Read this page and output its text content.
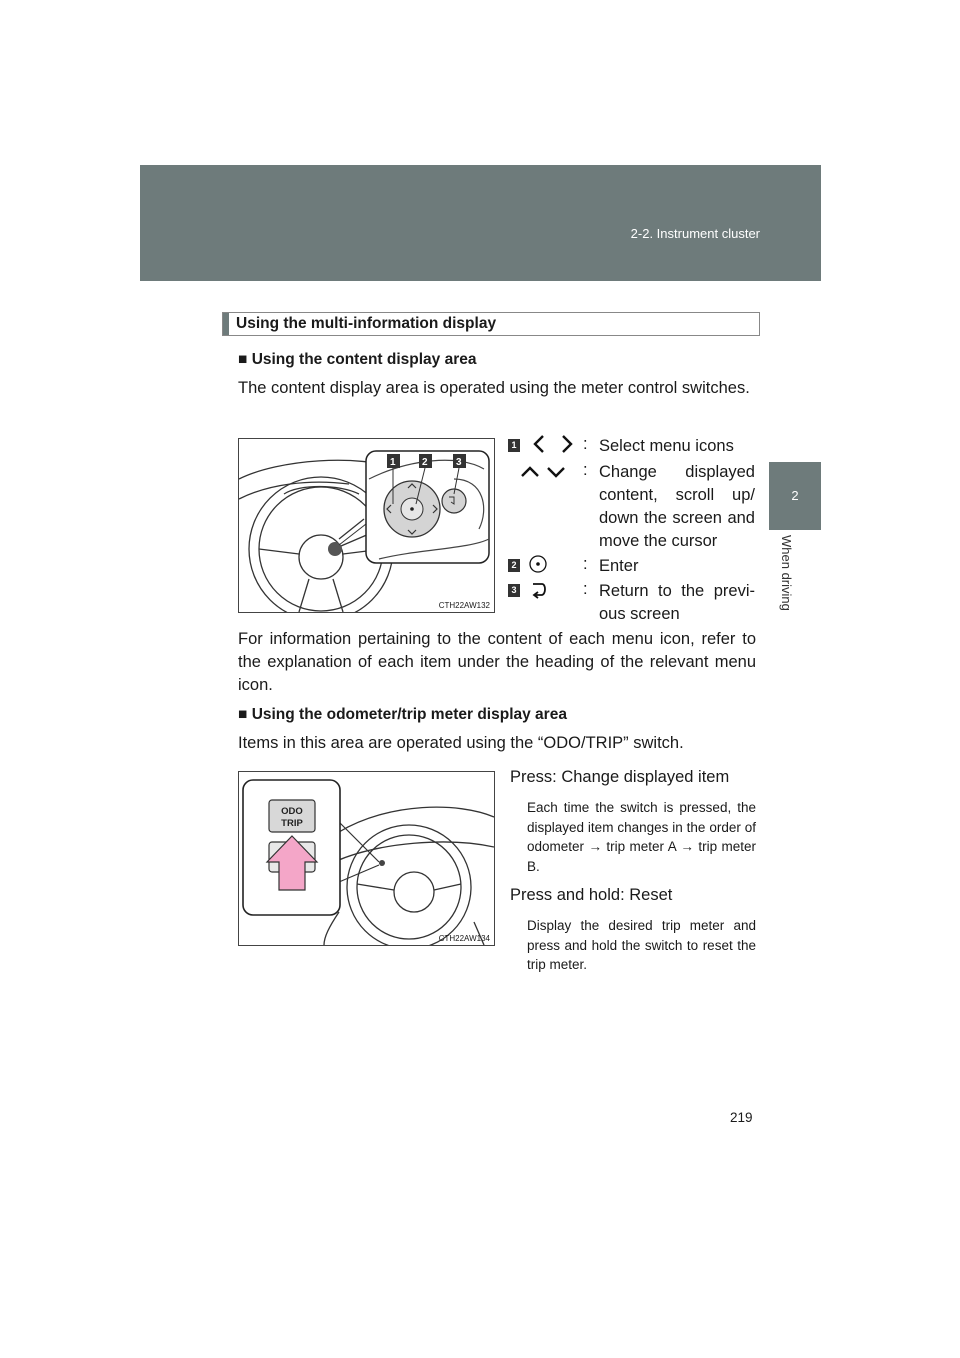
2-2. Instrument cluster
2
When driving
Using the multi-information display
■ Using the content display area
The content display area is operated using the meter control switches.
1	2	3
CTH22AW132
1	: Select menu icons
: Change displayed content, scroll up/ down the screen and move the cursor
2	: Enter
3	: Return to the previ- ous screen
For information pertaining to the content of each menu icon, refer to the explanation of each item under the heading of the relevant menu icon.
■ Using the odometer/trip meter display area
Items in this area are operated using the “ODO/TRIP” switch.
ODO
TRIP
CTH22AW134
Press: Change displayed item
Each time the switch is pressed, the displayed item changes in the order of odometer → trip meter A → trip meter B.
Press and hold: Reset
Display the desired trip meter and press and hold the switch to reset the trip meter.
219
